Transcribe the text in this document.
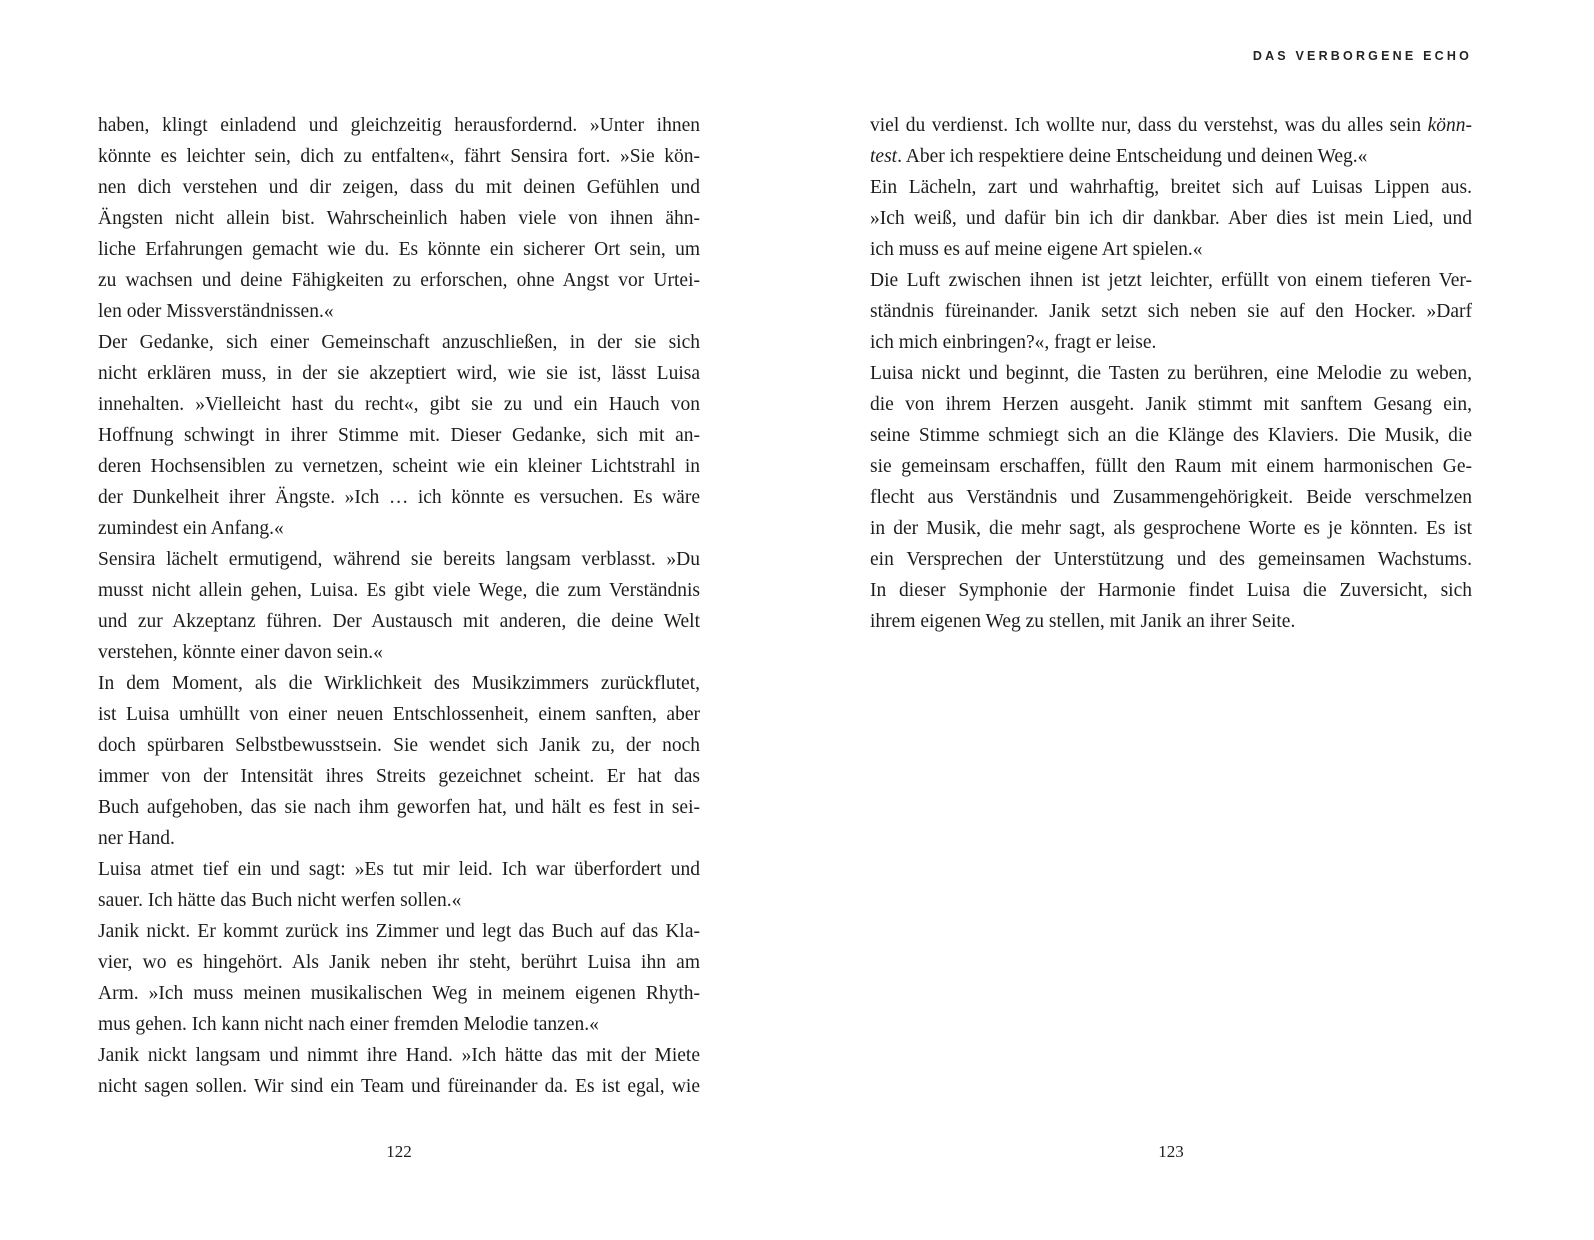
DAS VERBORGENE ECHO
haben, klingt einladend und gleichzeitig herausfordernd. »Unter ihnen
könnte es leichter sein, dich zu entfalten«, fährt Sensira fort. »Sie kön-
nen dich verstehen und dir zeigen, dass du mit deinen Gefühlen und
Ängsten nicht allein bist. Wahrscheinlich haben viele von ihnen ähn-
liche Erfahrungen gemacht wie du. Es könnte ein sicherer Ort sein, um
zu wachsen und deine Fähigkeiten zu erforschen, ohne Angst vor Urtei-
len oder Missverständnissen.«
Der Gedanke, sich einer Gemeinschaft anzuschließen, in der sie sich
nicht erklären muss, in der sie akzeptiert wird, wie sie ist, lässt Luisa
innehalten. »Vielleicht hast du recht«, gibt sie zu und ein Hauch von
Hoffnung schwingt in ihrer Stimme mit. Dieser Gedanke, sich mit an-
deren Hochsensiblen zu vernetzen, scheint wie ein kleiner Lichtstrahl in
der Dunkelheit ihrer Ängste. »Ich … ich könnte es versuchen. Es wäre
zumindest ein Anfang.«
Sensira lächelt ermutigend, während sie bereits langsam verblasst. »Du
musst nicht allein gehen, Luisa. Es gibt viele Wege, die zum Verständnis
und zur Akzeptanz führen. Der Austausch mit anderen, die deine Welt
verstehen, könnte einer davon sein.«
In dem Moment, als die Wirklichkeit des Musikzimmers zurückflutet,
ist Luisa umhüllt von einer neuen Entschlossenheit, einem sanften, aber
doch spürbaren Selbstbewusstsein. Sie wendet sich Janik zu, der noch
immer von der Intensität ihres Streits gezeichnet scheint. Er hat das
Buch aufgehoben, das sie nach ihm geworfen hat, und hält es fest in sei-
ner Hand.
Luisa atmet tief ein und sagt: »Es tut mir leid. Ich war überfordert und
sauer. Ich hätte das Buch nicht werfen sollen.«
Janik nickt. Er kommt zurück ins Zimmer und legt das Buch auf das Kla-
vier, wo es hingehört. Als Janik neben ihr steht, berührt Luisa ihn am
Arm. »Ich muss meinen musikalischen Weg in meinem eigenen Rhyth-
mus gehen. Ich kann nicht nach einer fremden Melodie tanzen.«
Janik nickt langsam und nimmt ihre Hand. »Ich hätte das mit der Miete
nicht sagen sollen. Wir sind ein Team und füreinander da. Es ist egal, wie
viel du verdienst. Ich wollte nur, dass du verstehst, was du alles sein könn-
test. Aber ich respektiere deine Entscheidung und deinen Weg.«
Ein Lächeln, zart und wahrhaftig, breitet sich auf Luisas Lippen aus.
»Ich weiß, und dafür bin ich dir dankbar. Aber dies ist mein Lied, und
ich muss es auf meine eigene Art spielen.«
Die Luft zwischen ihnen ist jetzt leichter, erfüllt von einem tieferen Ver-
ständnis füreinander. Janik setzt sich neben sie auf den Hocker. »Darf
ich mich einbringen?«, fragt er leise.
Luisa nickt und beginnt, die Tasten zu berühren, eine Melodie zu weben,
die von ihrem Herzen ausgeht. Janik stimmt mit sanftem Gesang ein,
seine Stimme schmiegt sich an die Klänge des Klaviers. Die Musik, die
sie gemeinsam erschaffen, füllt den Raum mit einem harmonischen Ge-
flecht aus Verständnis und Zusammengehörigkeit. Beide verschmelzen
in der Musik, die mehr sagt, als gesprochene Worte es je könnten. Es ist
ein Versprechen der Unterstützung und des gemeinsamen Wachstums.
In dieser Symphonie der Harmonie findet Luisa die Zuversicht, sich
ihrem eigenen Weg zu stellen, mit Janik an ihrer Seite.
122	123
